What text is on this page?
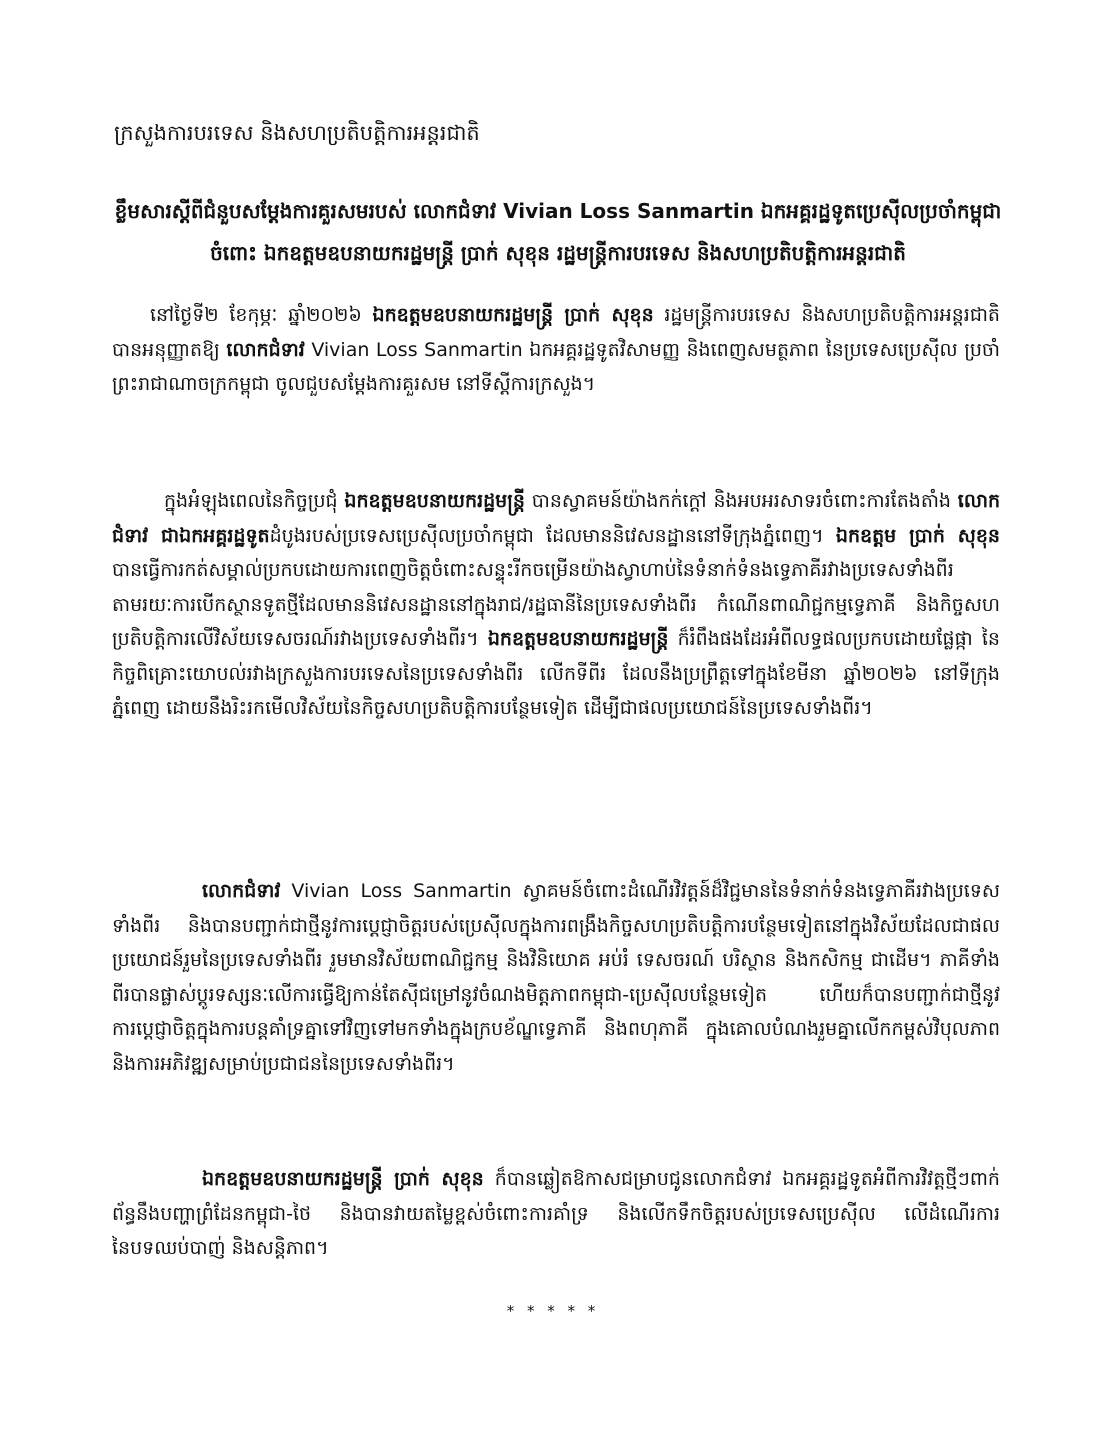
ក្រសួងការបរទេស និងសហប្រតិបត្តិការអន្តរជាតិ
ខ្លឹមសារស្តីពីជំនួបសម្តែងការគួរសមរបស់ លោកជំទាវ Vivian Loss Sanmartin ឯកអគ្គរដ្ឋទូតប្រេស៊ីលប្រចាំកម្ពុជា
ចំពោះ ឯកឧត្តមឧបនាយករដ្ឋមន្ត្រី ប្រាក់ សុខុន រដ្ឋមន្ត្រីការបរទេស និងសហប្រតិបត្តិការអន្តរជាតិ

នៅថ្ងៃទី២ ខែកុម្ភៈ ឆ្នាំ២០២៦ ឯកឧត្តមឧបនាយករដ្ឋមន្ត្រី ប្រាក់ សុខុន រដ្ឋមន្ត្រីការបរទេស និងសហប្រតិបត្តិការអន្តរជាតិ បានអនុញ្ញាតឱ្យ លោកជំទាវ Vivian Loss Sanmartin ឯកអគ្គរដ្ឋទូតវិសាមញ្ញ និងពេញសមត្ថភាព នៃប្រទេសប្រេស៊ីល ប្រចាំព្រះរាជាណាចក្រកម្ពុជា ចូលជួបសម្តែងការគួរសម នៅទីស្តីការក្រសួង។

ក្នុងអំឡុងពេលនៃកិច្ចប្រជុំ ឯកឧត្តមឧបនាយករដ្ឋមន្ត្រី បានស្វាគមន៍យ៉ាងកក់ក្តៅ និងអបអរសាទរចំពោះការតែងតាំង លោកជំទាវ ជាឯកអគ្គរដ្ឋទូតដំបូងរបស់ប្រទេសប្រេស៊ីលប្រចាំកម្ពុជា ដែលមាននិវេសនដ្ឋាននៅទីក្រុងភ្នំពេញ។ ឯកឧត្តម ប្រាក់ សុខុន បានធ្វើការកត់សម្គាល់ប្រកបដោយការពេញចិត្តចំពោះសន្ទុះរីកចម្រើនយ៉ាងស្វាហាប់នៃទំនាក់ទំនងទ្វេភាគីរវាងប្រទេសទាំងពីរ តាមរយៈការបើកស្ថានទូតថ្មីដែលមាននិវេសនដ្ឋាននៅក្នុងរាជ/រដ្ឋធានីនៃប្រទេសទាំងពីរ កំណើនពាណិជ្ជកម្មទ្វេភាគី និងកិច្ចសហប្រតិបត្តិការលើវិស័យទេសចរណ៍រវាងប្រទេសទាំងពីរ។ ឯកឧត្តមឧបនាយករដ្ឋមន្ត្រី ក៏រំពឹងផងដែរអំពីលទ្ធផលប្រកបដោយផ្លែផ្កា នៃកិច្ចពិគ្រោះយោបល់រវាងក្រសួងការបរទេសនៃប្រទេសទាំងពីរ លើកទីពីរ ដែលនឹងប្រព្រឹត្តទៅក្នុងខែមីនា ឆ្នាំ២០២៦ នៅទីក្រុងភ្នំពេញ ដោយនឹងរិះរកមើលវិស័យនៃកិច្ចសហប្រតិបត្តិការបន្ថែមទៀត ដើម្បីជាផលប្រយោជន៍នៃប្រទេសទាំងពីរ។

លោកជំទាវ Vivian Loss Sanmartin ស្វាគមន៍ចំពោះដំណើរវិវត្តន៍ដ៏វិជ្ជមាននៃទំនាក់ទំនងទ្វេភាគីរវាងប្រទេសទាំងពីរ និងបានបញ្ជាក់ជាថ្មីនូវការប្តេជ្ញាចិត្តរបស់ប្រេស៊ីលក្នុងការពង្រឹងកិច្ចសហប្រតិបត្តិការបន្ថែមទៀតនៅក្នុងវិស័យដែលជាផលប្រយោជន៍រួមនៃប្រទេសទាំងពីរ រួមមានវិស័យពាណិជ្ជកម្ម និងវិនិយោគ អប់រំ ទេសចរណ៍ បរិស្ថាន និងកសិកម្ម ជាដើម។ ភាគីទាំងពីរបានផ្លាស់ប្តូរទស្សនៈលើការធ្វើឱ្យកាន់តែស៊ីជម្រៅនូវចំណងមិត្តភាពកម្ពុជា-ប្រេស៊ីលបន្ថែមទៀត ហើយក៏បានបញ្ជាក់ជាថ្មីនូវការប្តេជ្ញាចិត្តក្នុងការបន្តគាំទ្រគ្នាទៅវិញទៅមកទាំងក្នុងក្របខ័ណ្ឌទ្វេភាគី និងពហុភាគី ក្នុងគោលបំណងរួមគ្នាលើកកម្ពស់វិបុលភាព និងការអភិវឌ្ឍសម្រាប់ប្រជាជននៃប្រទេសទាំងពីរ។

ឯកឧត្តមឧបនាយករដ្ឋមន្ត្រី ប្រាក់ សុខុន ក៏បានឆ្លៀតឱកាសជម្រាបជូនលោកជំទាវ ឯកអគ្គរដ្ឋទូតអំពីការវិវត្តថ្មីៗពាក់ព័ន្ធនឹងបញ្ហាព្រំដែនកម្ពុជា-ថៃ និងបានវាយតម្លៃខ្ពស់ចំពោះការគាំទ្រ និងលើកទឹកចិត្តរបស់ប្រទេសប្រេស៊ីល លើដំណើរការនៃបទឈប់បាញ់ និងសន្តិភាព។

* * * * *
